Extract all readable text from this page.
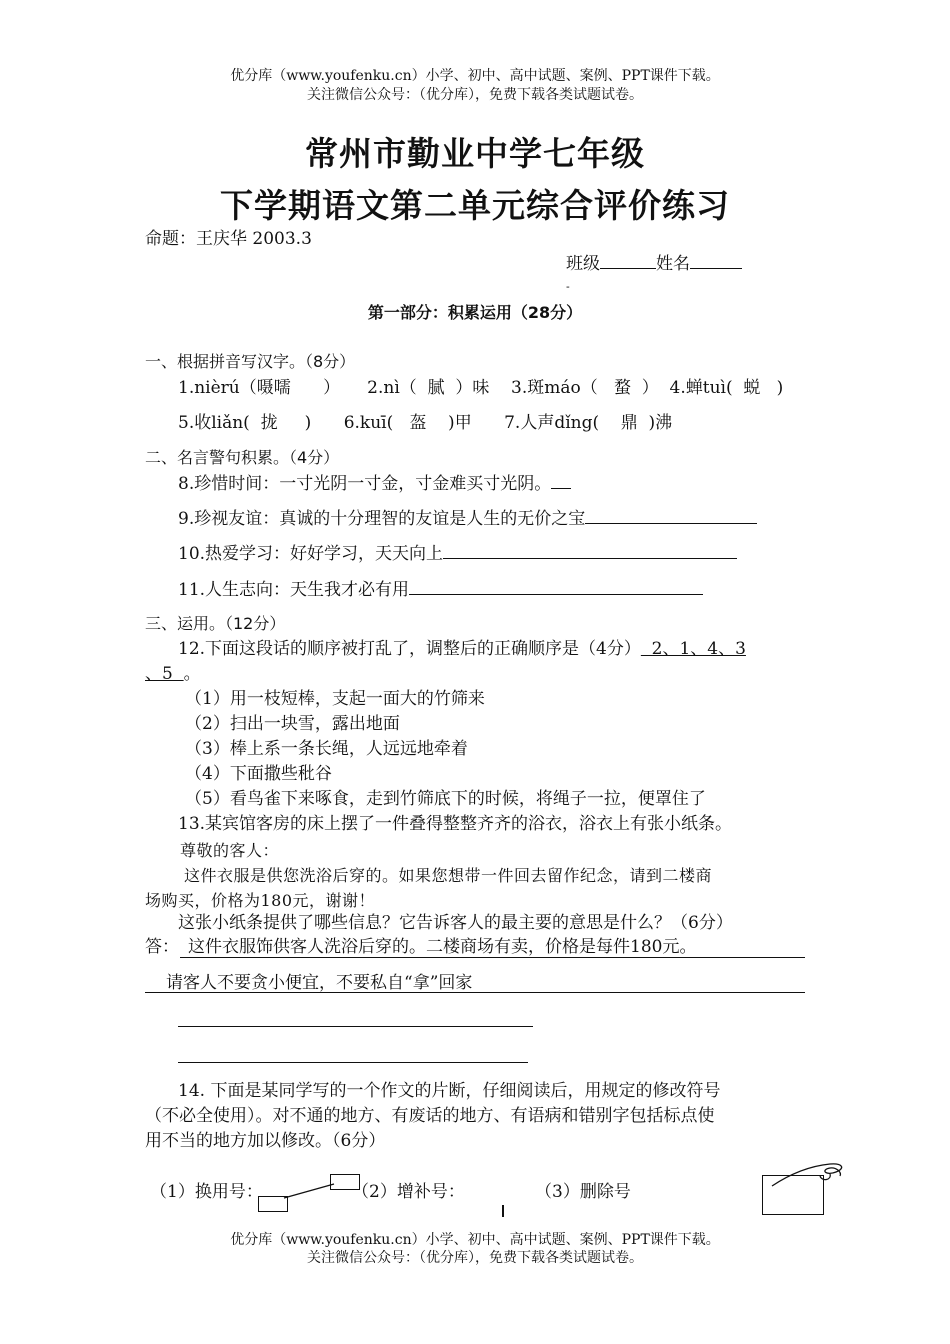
优分库（www.youfenku.cn）小学、初中、高中试题、案例、PPT课件下载。
关注微信公众号：（优分库），免费下载各类试题试卷。
常州市勤业中学七年级
下学期语文第二单元综合评价练习
命题：王庆华 2003.3
班级	姓名
-
第一部分：积累运用（28分）
一、根据拼音写汉字。（8分）
1.nièrú（嗫嚅      ）     2.nì（  腻  ）味    3.斑máo（   蝥  ）  4.蝉tuì(  蜕   )
5.收liǎn(  拢     )      6.kuī(   盔    )甲      7.人声dǐng(    鼎  )沸
二、名言警句积累。（4分）
8.珍惜时间：一寸光阴一寸金，寸金难买寸光阴。
9.珍视友谊：真诚的十分理智的友谊是人生的无价之宝
10.热爱学习：好好学习，天天向上
11.人生志向：天生我才必有用
三、运用。（12分）
12.下面这段话的顺序被打乱了，调整后的正确顺序是（4分）  2、1、4、3
、5  。
（1）用一枝短棒，支起一面大的竹筛来
（2）扫出一块雪，露出地面
（3）棒上系一条长绳，人远远地牵着
（4）下面撒些秕谷
（5）看鸟雀下来啄食，走到竹筛底下的时候，将绳子一拉，便罩住了
13.某宾馆客房的床上摆了一件叠得整整齐齐的浴衣，浴衣上有张小纸条。
尊敬的客人：
这件衣服是供您洗浴后穿的。如果您想带一件回去留作纪念，请到二楼商
场购买，价格为180元，谢谢！
这张小纸条提供了哪些信息？它告诉客人的最主要的意思是什么？（6分）
答： 这件衣服饰供客人洗浴后穿的。二楼商场有卖，价格是每件180元。
请客人不要贪小便宜，不要私自“拿”回家
14. 下面是某同学写的一个作文的片断，仔细阅读后，用规定的修改符号
（不必全使用）。对不通的地方、有废话的地方、有语病和错别字包括标点使
用不当的地方加以修改。（6分）
（1）换用号：	（2）增补号：	（3）删除号
优分库（www.youfenku.cn）小学、初中、高中试题、案例、PPT课件下载。
关注微信公众号：（优分库），免费下载各类试题试卷。
